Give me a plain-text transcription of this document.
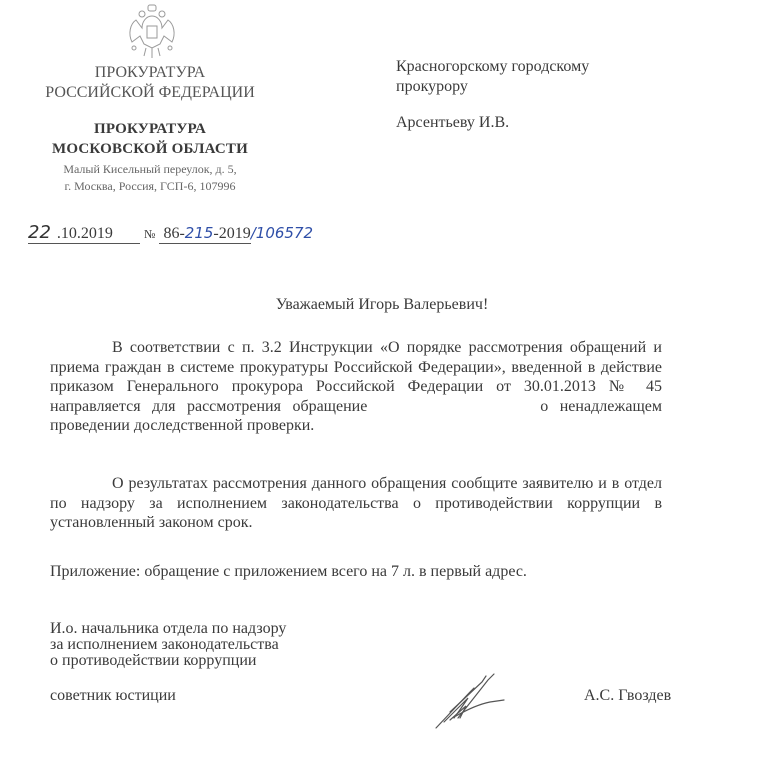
ПРОКУРАТУРА
РОССИЙСКОЙ ФЕДЕРАЦИИ
ПРОКУРАТУРА
МОСКОВСКОЙ ОБЛАСТИ
Малый Кисельный переулок, д. 5,
г. Москва, Россия, ГСП-6, 107996
Красногорскому городскому
прокурору
Арсентьеву И.В.
22 .10.2019	№ 86-215-2019/106572
Уважаемый Игорь Валерьевич!
В соответствии с п. 3.2 Инструкции «О порядке рассмотрения обращений и приема граждан в системе прокуратуры Российской Федерации», введенной в действие приказом Генерального прокурора Российской Федерации от 30.01.2013 № 45 направляется для рассмотрения обращение	о ненадлежащем проведении доследственной проверки.
О результатах рассмотрения данного обращения сообщите заявителю и в отдел по надзору за исполнением законодательства о противодействии коррупции в установленный законом срок.
Приложение: обращение с приложением всего на 7 л. в первый адрес.
И.о. начальника отдела по надзору
за исполнением законодательства
о противодействии коррупции
советник юстиции	А.С. Гвоздев
